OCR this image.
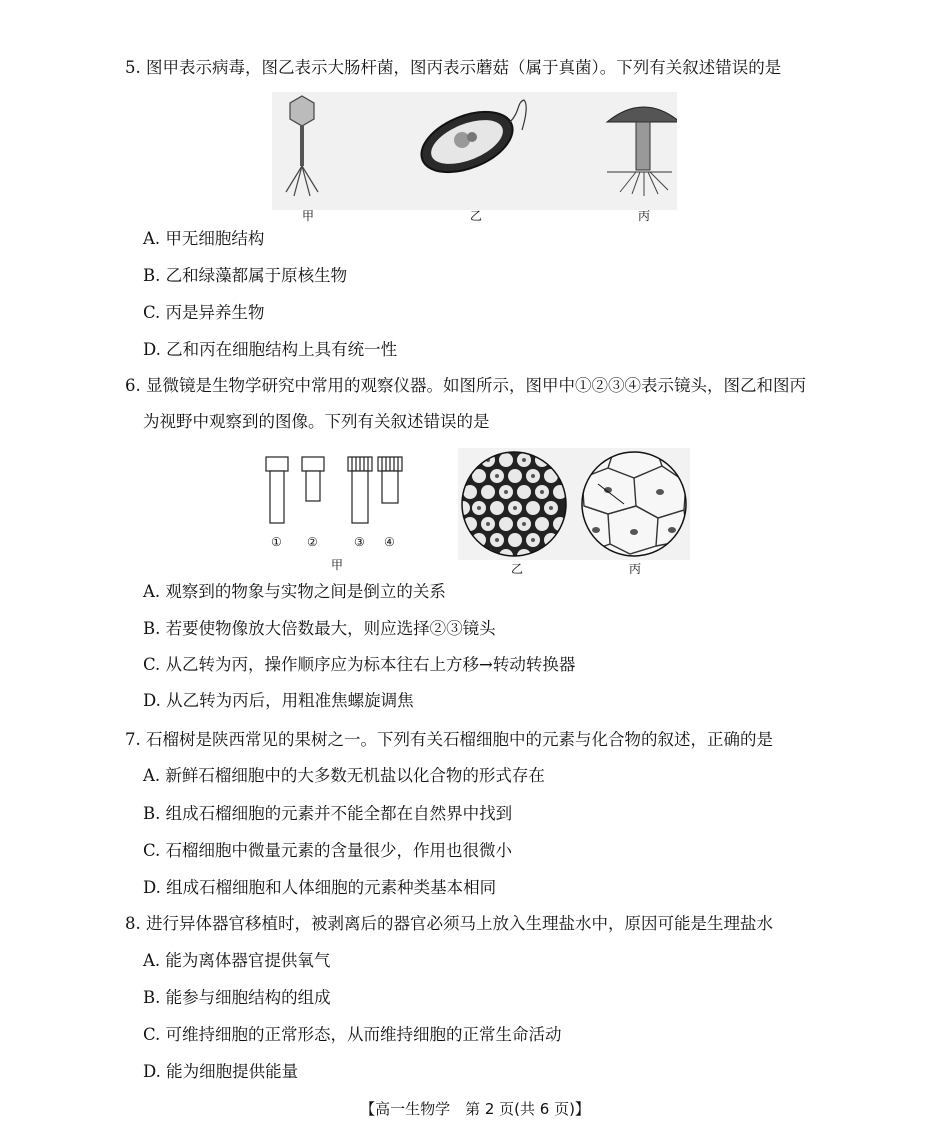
5. 图甲表示病毒，图乙表示大肠杆菌，图丙表示蘑菇（属于真菌）。下列有关叙述错误的是
甲	乙	丙
A. 甲无细胞结构
B. 乙和绿藻都属于原核生物
C. 丙是异养生物
D. 乙和丙在细胞结构上具有统一性
6. 显微镜是生物学研究中常用的观察仪器。如图所示，图甲中①②③④表示镜头，图乙和图丙
为视野中观察到的图像。下列有关叙述错误的是
① ②	③ ④
甲	乙	丙
A. 观察到的物象与实物之间是倒立的关系
B. 若要使物像放大倍数最大，则应选择②③镜头
C. 从乙转为丙，操作顺序应为标本往右上方移→转动转换器
D. 从乙转为丙后，用粗准焦螺旋调焦
7. 石榴树是陕西常见的果树之一。下列有关石榴细胞中的元素与化合物的叙述，正确的是
A. 新鲜石榴细胞中的大多数无机盐以化合物的形式存在
B. 组成石榴细胞的元素并不能全都在自然界中找到
C. 石榴细胞中微量元素的含量很少，作用也很微小
D. 组成石榴细胞和人体细胞的元素种类基本相同
8. 进行异体器官移植时，被剥离后的器官必须马上放入生理盐水中，原因可能是生理盐水
A. 能为离体器官提供氧气
B. 能参与细胞结构的组成
C. 可维持细胞的正常形态，从而维持细胞的正常生命活动
D. 能为细胞提供能量
【高一生物学　第 2 页(共 6 页)】
